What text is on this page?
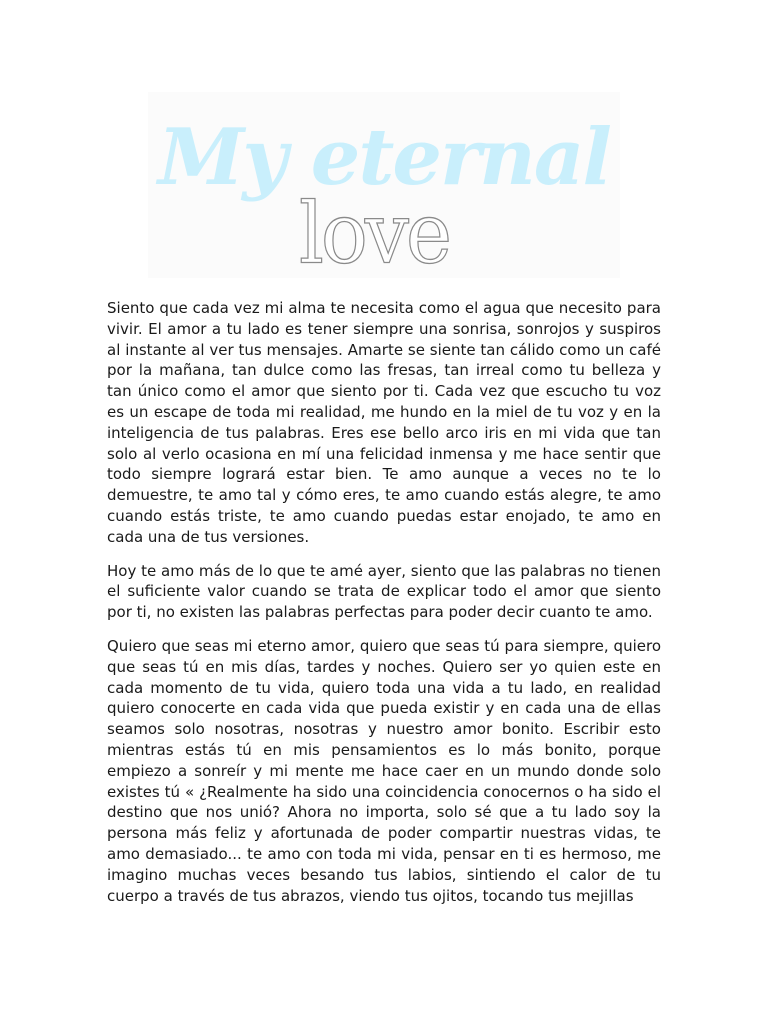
My eternal
love

Siento que cada vez mi alma te necesita como el agua que necesito para vivir. El amor a tu lado es tener siempre una sonrisa, sonrojos y suspiros al instante al ver tus mensajes. Amarte se siente tan cálido como un café por la mañana, tan dulce como las fresas, tan irreal como tu belleza y tan único como el amor que siento por ti. Cada vez que escucho tu voz es un escape de toda mi realidad, me hundo en la miel de tu voz y en la inteligencia de tus palabras. Eres ese bello arco iris en mi vida que tan solo al verlo ocasiona en mí una felicidad inmensa y me hace sentir que todo siempre logrará estar bien. Te amo aunque a veces no te lo demuestre, te amo tal y cómo eres, te amo cuando estás alegre, te amo cuando estás triste, te amo cuando puedas estar enojado, te amo en cada una de tus versiones.

Hoy te amo más de lo que te amé ayer, siento que las palabras no tienen el suficiente valor cuando se trata de explicar todo el amor que siento por ti, no existen las palabras perfectas para poder decir cuanto te amo.

Quiero que seas mi eterno amor, quiero que seas tú para siempre, quiero que seas tú en mis días, tardes y noches. Quiero ser yo quien este en cada momento de tu vida, quiero toda una vida a tu lado, en realidad quiero conocerte en cada vida que pueda existir y en cada una de ellas seamos solo nosotras, nosotras y nuestro amor bonito. Escribir esto mientras estás tú en mis pensamientos es lo más bonito, porque empiezo a sonreír y mi mente me hace caer en un mundo donde solo existes tú « ¿Realmente ha sido una coincidencia conocernos o ha sido el destino que nos unió? Ahora no importa, solo sé que a tu lado soy la persona más feliz y afortunada de poder compartir nuestras vidas, te amo demasiado... te amo con toda mi vida, pensar en ti es hermoso, me imagino muchas veces besando tus labios, sintiendo el calor de tu cuerpo a través de tus abrazos, viendo tus ojitos, tocando tus mejillas
